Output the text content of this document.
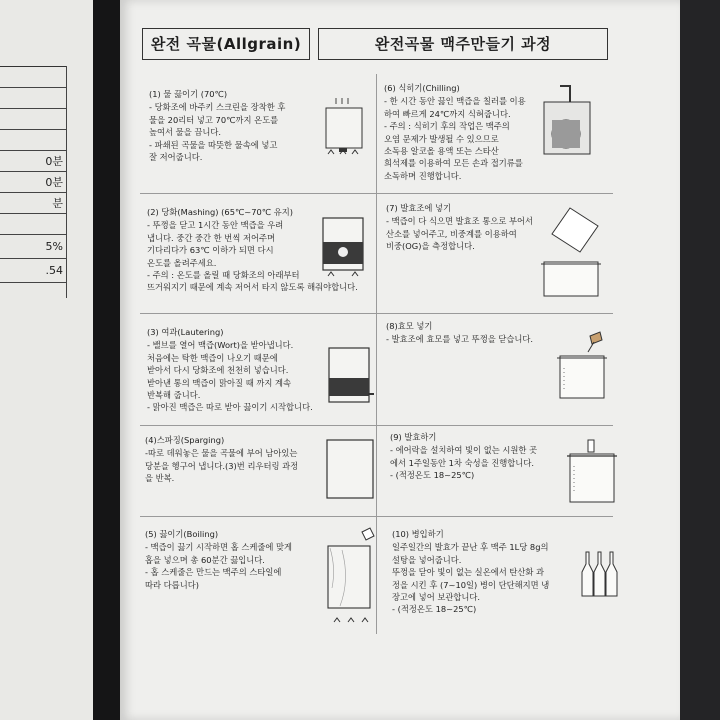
0분
0분
분
5%
.54
완전 곡물(Allgrain)	완전곡물 맥주만들기 과정
(1) 물 끓이기 (70℃)
- 당화조에 바주키 스크린을 장착한 후
물을 20리터 넣고 70℃까지 온도를
높여서 물을 끕니다.
- 파쇄된 곡물을 따뜻한 물속에 넣고
잘 저어줍니다.
(2) 당화(Mashing) (65℃~70℃ 유지)
- 뚜껑을 닫고 1시간 동안 맥즙을 우려
냅니다. 중간 중간 한 번씩 저어주며
기다리다가 63℃ 이하가 되면 다시
온도를 올려주세요.
- 주의 : 온도를 올릴 때 당화조의 아래부터
뜨거워지기 때문에 계속 저어서 타지 않도록 해줘야합니다.
(3) 여과(Lautering)
- 밸브를 열어 맥즙(Wort)을 받아냅니다.
처음에는 탁한 맥즙이 나오기 때문에
받아서 다시 당화조에 천천히 넣습니다.
받아낸 통의 맥즙이 맑아질 때 까지 계속
반복해 줍니다.
- 맑아진 맥즙은 따로 받아 끓이기 시작합니다.
(4)스파징(Sparging)
-따로 데워놓은 물을 곡물에 부어 남아있는
당분을 헹구어 냅니다.(3)번 리우터링 과정
을 반복.
(5) 끓이기(Boiling)
- 맥즙이 끓기 시작하면 홉 스케줄에 맞게
홉을 넣으며 총 60분간 끓입니다.
- 홉 스케줄은 만드는 맥주의 스타일에
따라 다릅니다)
(6) 식히기(Chilling)
- 한 시간 동안 끓인 맥즙을 칠러를 이용
하여 빠르게 24℃까지 식혀줍니다.
- 주의 : 식히기 후의 작업은 맥주의
오염 문제가 발생될 수 있으므로
소독용 알코올 용액 또는 스타산
희석제를 이용하여 모든 손과 접기류를
소독하며 진행합니다.
(7) 발효조에 넣기
- 맥즙이 다 식으면 발효조 통으로 부어서
산소를 넣어주고, 비중계를 이용하여
비중(OG)을 측정합니다.
(8)효모 넣기
- 발효조에 효모를 넣고 뚜껑을 닫습니다.
(9) 발효하기
- 에어락을 설치하여 빛이 없는 시원한 곳
에서 1주일동안 1차 숙성을 진행합니다.
- (적정온도 18~25℃)
(10) 병입하기
일주일간의 발효가 끝난 후 맥주 1L당 8g의
설탕을 넣어줍니다.
뚜껑을 닫아 빛이 없는 실온에서 탄산화 과
정을 시킨 후 (7~10일) 병이 단단해지면 냉
장고에 넣어 보관합니다.
- (적정온도 18~25℃)
